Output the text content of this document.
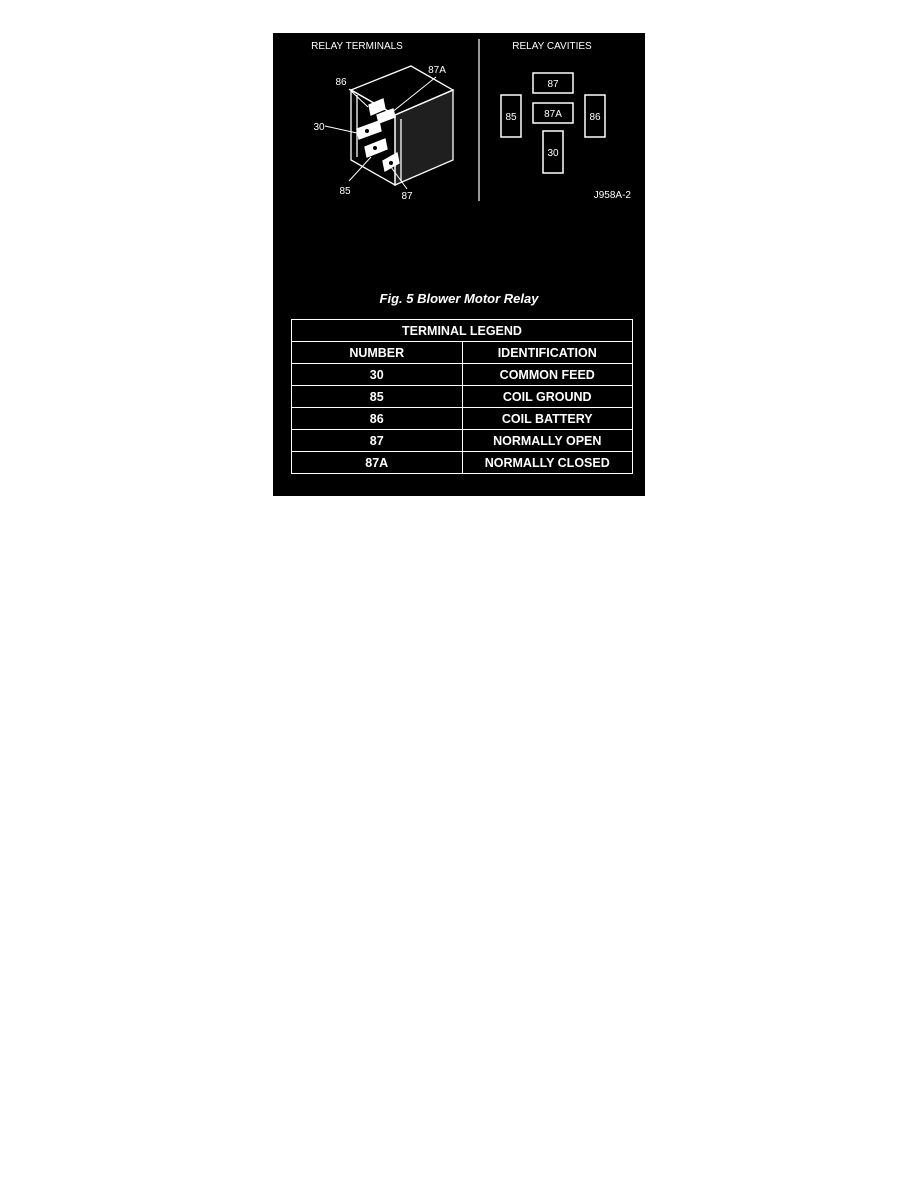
RELAY TERMINALS	RELAY CAVITIES
86
87A
30
85	87
87
85	87A	86
30
J958A-2
Fig. 5 Blower Motor Relay
TERMINAL LEGEND	
NUMBER	IDENTIFICATION
30	COMMON FEED
85	COIL GROUND
86	COIL BATTERY
87	NORMALLY OPEN
87A	NORMALLY CLOSED
